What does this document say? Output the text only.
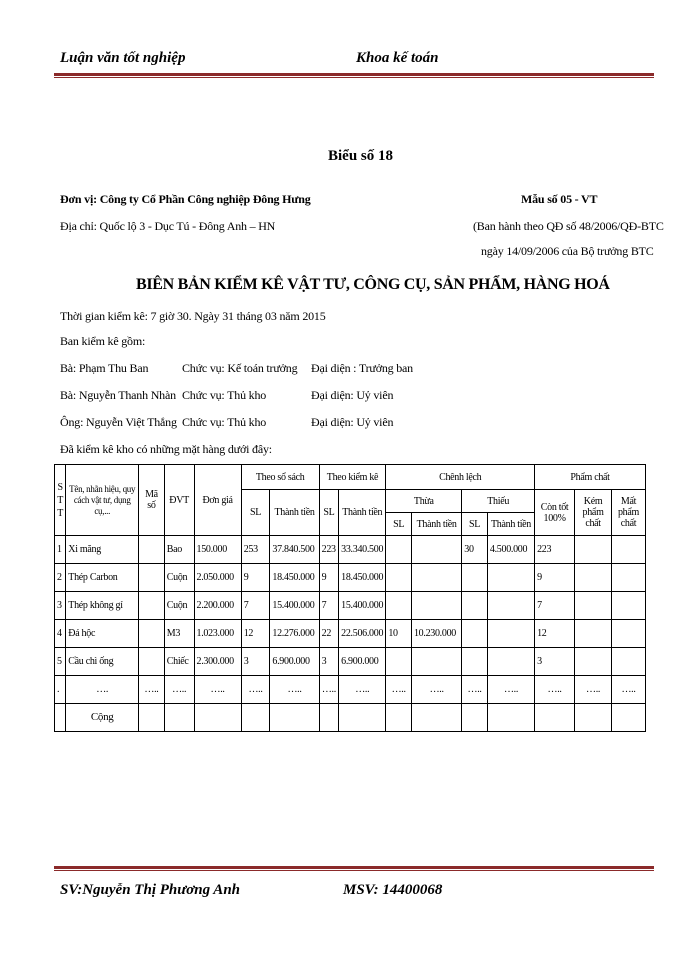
Luận văn tốt nghiệp	Khoa kế toán
Biểu số 18
Đơn vị: Công ty Cổ Phần Công nghiệp Đông Hưng
Địa chỉ: Quốc lộ 3 - Dục Tú - Đông Anh – HN
Mẫu số 05 - VT
(Ban hành theo QĐ số 48/2006/QĐ-BTC
ngày 14/09/2006 của Bộ trưởng BTC
BIÊN BẢN KIỂM KÊ VẬT TƯ, CÔNG CỤ, SẢN PHẨM, HÀNG HOÁ
Thời gian kiểm kê: 7 giờ 30. Ngày 31 tháng 03 năm 2015
Ban kiểm kê gồm:
Bà: Phạm Thu Ban	Chức vụ: Kế toán trưởng Đại diện : Trưởng ban
Bà: Nguyễn Thanh Nhàn Chức vụ: Thủ kho	Đại diện: Uỷ viên
Ông: Nguyễn Việt Thắng Chức vụ: Thủ kho	Đại diện: Uỷ viên
Đã kiểm kê kho có những mặt hàng dưới đây:
S T T	Tên, nhãn hiệu, quy cách vật tư, dụng cụ,...	Mã số	ĐVT	Đơn giá	Theo sổ sách		Theo kiểm kê		Chênh lệch				Phẩm chất		
					SL	Thành tiền	SL	Thành tiền	Thừa		Thiếu		Còn tốt 100%	Kém phẩm chất	Mất phẩm chất
									SL	Thành tiền	SL	Thành tiền			
1	Xi măng		Bao	150.000	253	37.840.500	223	33.340.500			30	4.500.000	223		
2	Thép Carbon		Cuộn	2.050.000	9	18.450.000	9	18.450.000					9		
3	Thép không gỉ		Cuộn	2.200.000	7	15.400.000	7	15.400.000					7		
4	Đá hộc		M3	1.023.000	12	12.276.000	22	22.506.000	10	10.230.000			12		
5	Cầu chì ống		Chiếc	2.300.000	3	6.900.000	3	6.900.000					3		
.	….	…..	…..	…..	…..	…..	…..	…..	…..	…..	…..	…..	…..	…..	…..
	Cộng														
SV:Nguyễn Thị Phương Anh	MSV: 14400068
